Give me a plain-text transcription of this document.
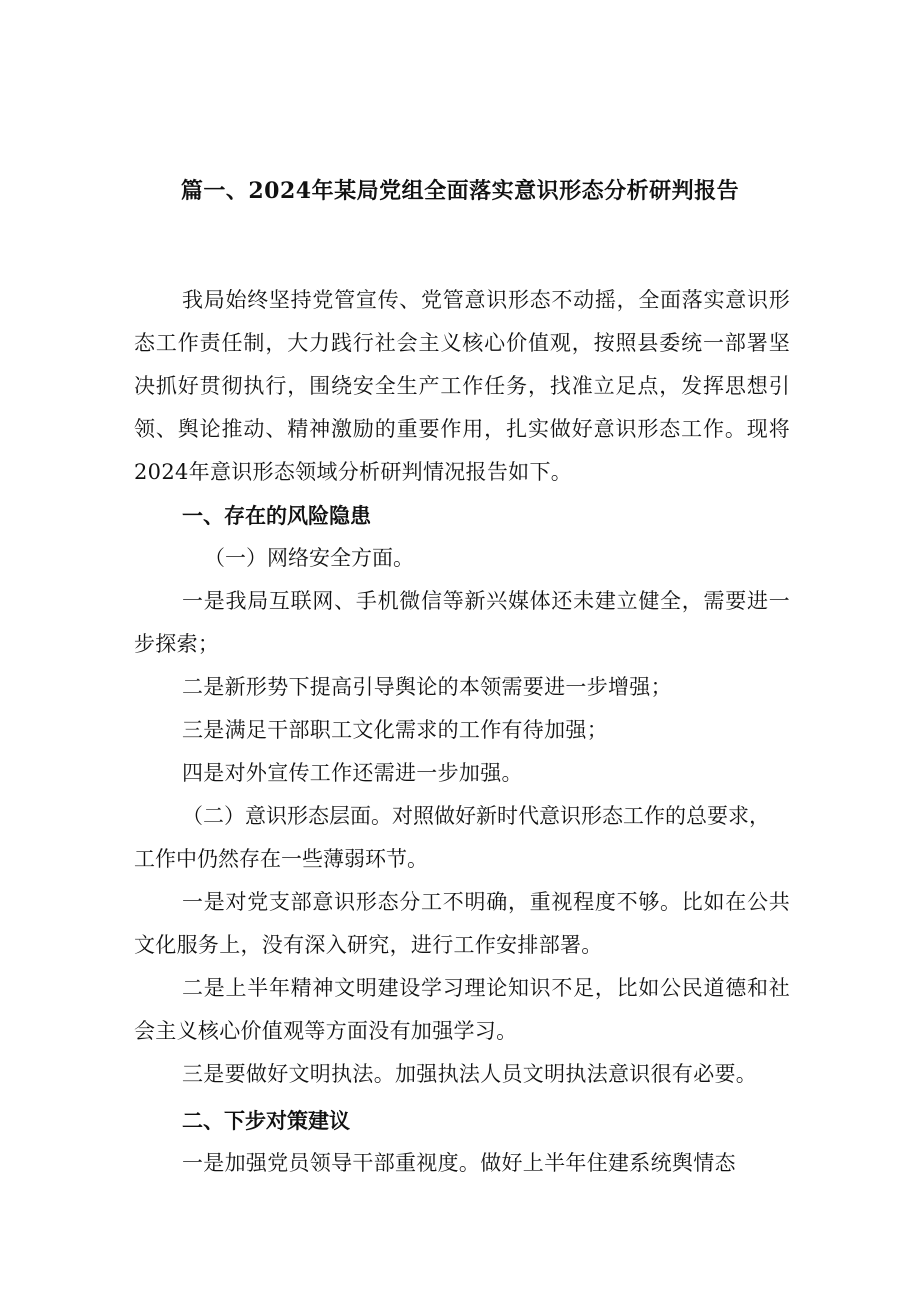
篇一、2024年某局党组全面落实意识形态分析研判报告

我局始终坚持党管宣传、党管意识形态不动摇，全面落实意识形态工作责任制，大力践行社会主义核心价值观，按照县委统一部署坚决抓好贯彻执行，围绕安全生产工作任务，找准立足点，发挥思想引领、舆论推动、精神激励的重要作用，扎实做好意识形态工作。现将2024年意识形态领域分析研判情况报告如下。

一、存在的风险隐患

（一）网络安全方面。

一是我局互联网、手机微信等新兴媒体还未建立健全，需要进一步探索；

二是新形势下提高引导舆论的本领需要进一步增强；

三是满足干部职工文化需求的工作有待加强；

四是对外宣传工作还需进一步加强。

（二）意识形态层面。对照做好新时代意识形态工作的总要求，工作中仍然存在一些薄弱环节。

一是对党支部意识形态分工不明确，重视程度不够。比如在公共文化服务上，没有深入研究，进行工作安排部署。

二是上半年精神文明建设学习理论知识不足，比如公民道德和社会主义核心价值观等方面没有加强学习。

三是要做好文明执法。加强执法人员文明执法意识很有必要。

二、下步对策建议

一是加强党员领导干部重视度。做好上半年住建系统舆情态
